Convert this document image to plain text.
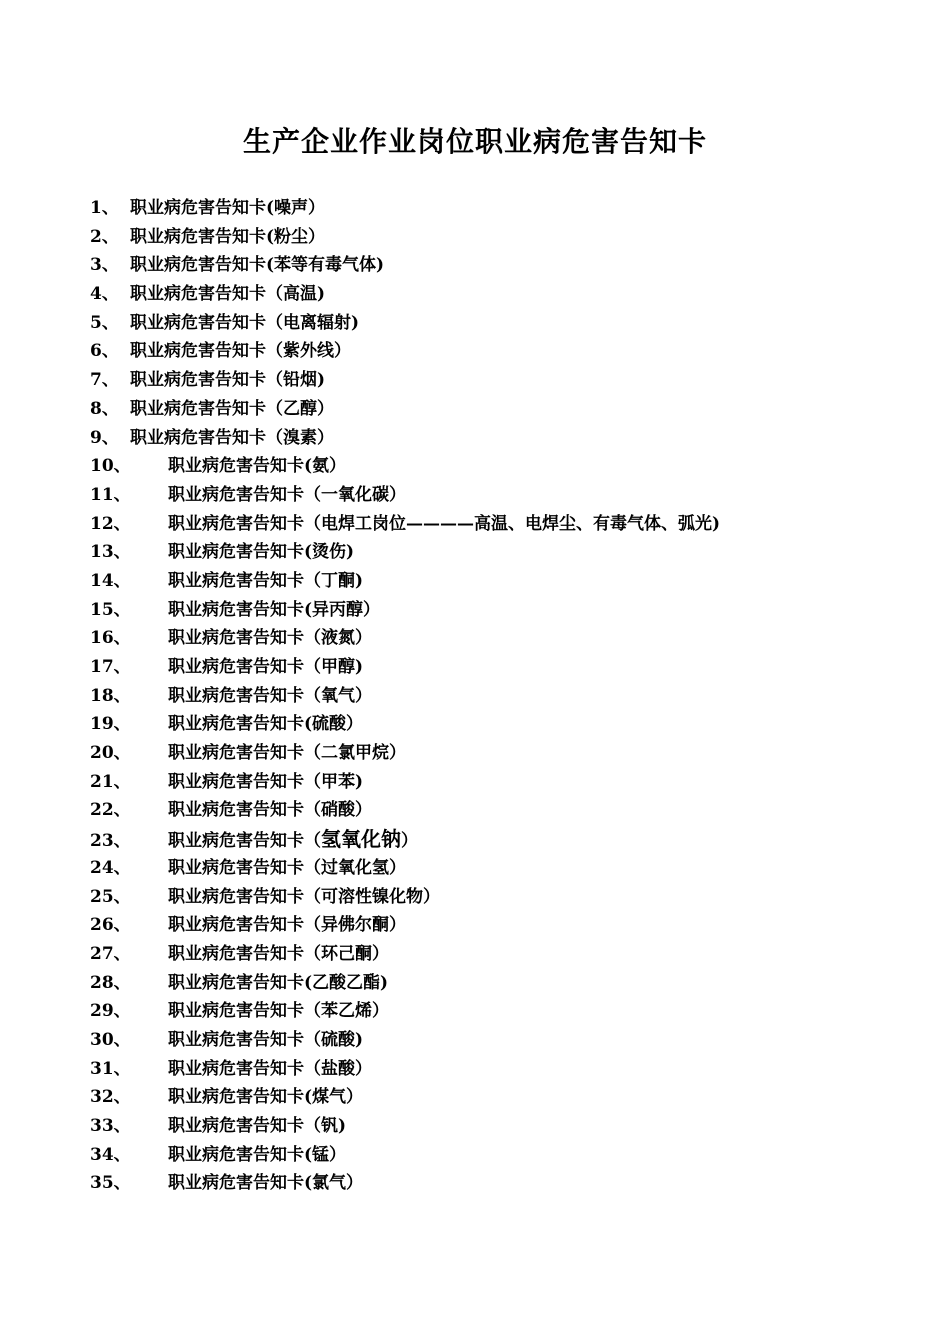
生产企业作业岗位职业病危害告知卡
1、 职业病危害告知卡(噪声）
2、 职业病危害告知卡(粉尘）
3、 职业病危害告知卡(苯等有毒气体)
4、 职业病危害告知卡（高温)
5、 职业病危害告知卡（电离辐射)
6、 职业病危害告知卡（紫外线）
7、 职业病危害告知卡（铅烟)
8、 职业病危害告知卡（乙醇）
9、 职业病危害告知卡（溴素）
10、 职业病危害告知卡(氨）
11、 职业病危害告知卡（一氧化碳）
12、 职业病危害告知卡（电焊工岗位————高温、电焊尘、有毒气体、弧光)
13、 职业病危害告知卡(烫伤)
14、 职业病危害告知卡（丁酮)
15、 职业病危害告知卡(异丙醇）
16、 职业病危害告知卡（液氮）
17、 职业病危害告知卡（甲醇)
18、 职业病危害告知卡（氧气）
19、 职业病危害告知卡(硫酸）
20、 职业病危害告知卡（二氯甲烷）
21、 职业病危害告知卡（甲苯)
22、 职业病危害告知卡（硝酸）
23、 职业病危害告知卡（氢氧化钠）
24、 职业病危害告知卡（过氧化氢）
25、 职业病危害告知卡（可溶性镍化物）
26、 职业病危害告知卡（异佛尔酮）
27、 职业病危害告知卡（环己酮）
28、 职业病危害告知卡(乙酸乙酯)
29、 职业病危害告知卡（苯乙烯）
30、 职业病危害告知卡（硫酸)
31、 职业病危害告知卡（盐酸）
32、 职业病危害告知卡(煤气）
33、 职业病危害告知卡（钒)
34、 职业病危害告知卡(锰）
35、 职业病危害告知卡(氯气）
